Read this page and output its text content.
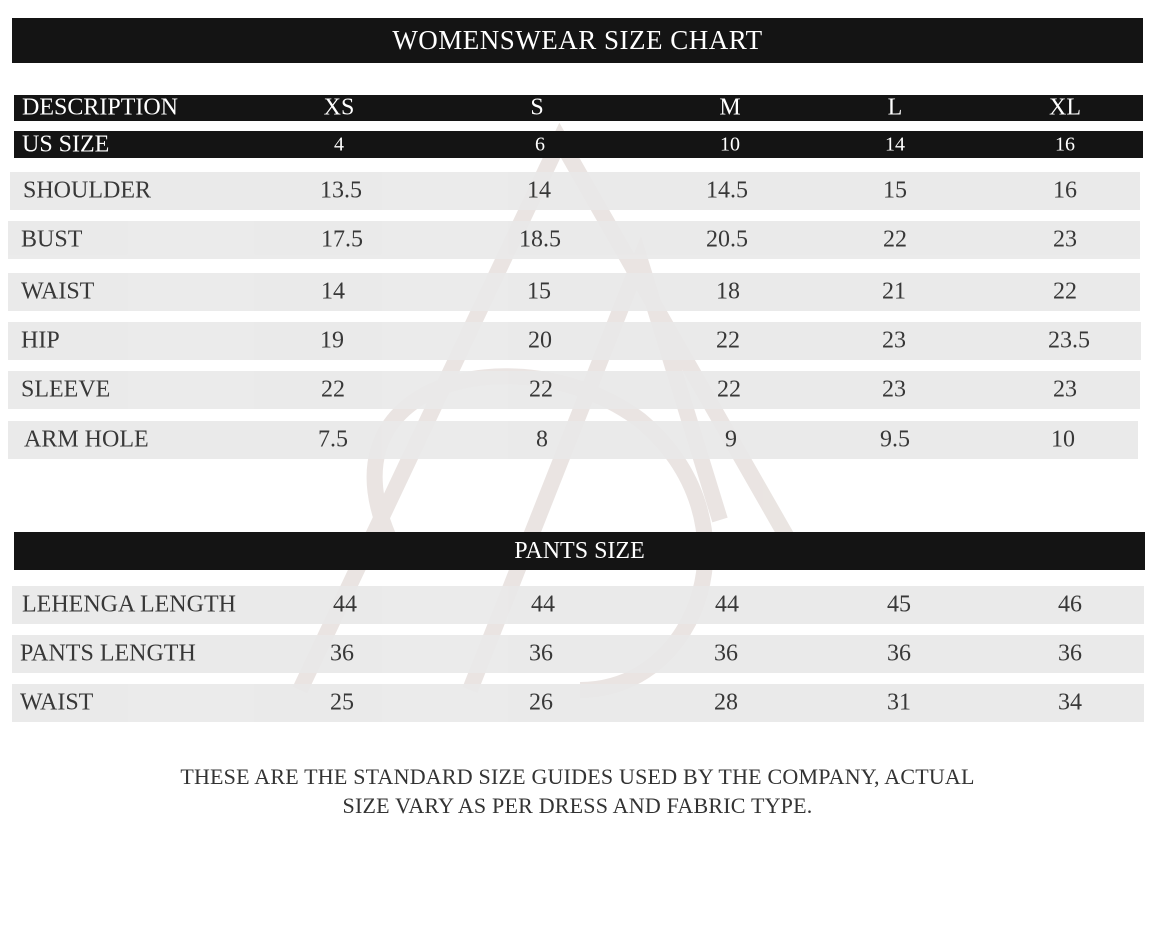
WOMENSWEAR SIZE CHART
DESCRIPTION	XS	S	M	L	XL
US SIZE	4	6	10	14	16
SHOULDER	13.5	14	14.5	15	16
BUST	17.5	18.5	20.5	22	23
WAIST	14	15	18	21	22
HIP	19	20	22	23	23.5
SLEEVE	22	22	22	23	23
ARM HOLE	7.5	8	9	9.5	10
PANTS SIZE
LEHENGA LENGTH	44	44	44	45	46
PANTS LENGTH	36	36	36	36	36
WAIST	25	26	28	31	34
THESE ARE THE STANDARD SIZE GUIDES USED BY THE COMPANY, ACTUAL
SIZE VARY AS PER DRESS AND FABRIC TYPE.
